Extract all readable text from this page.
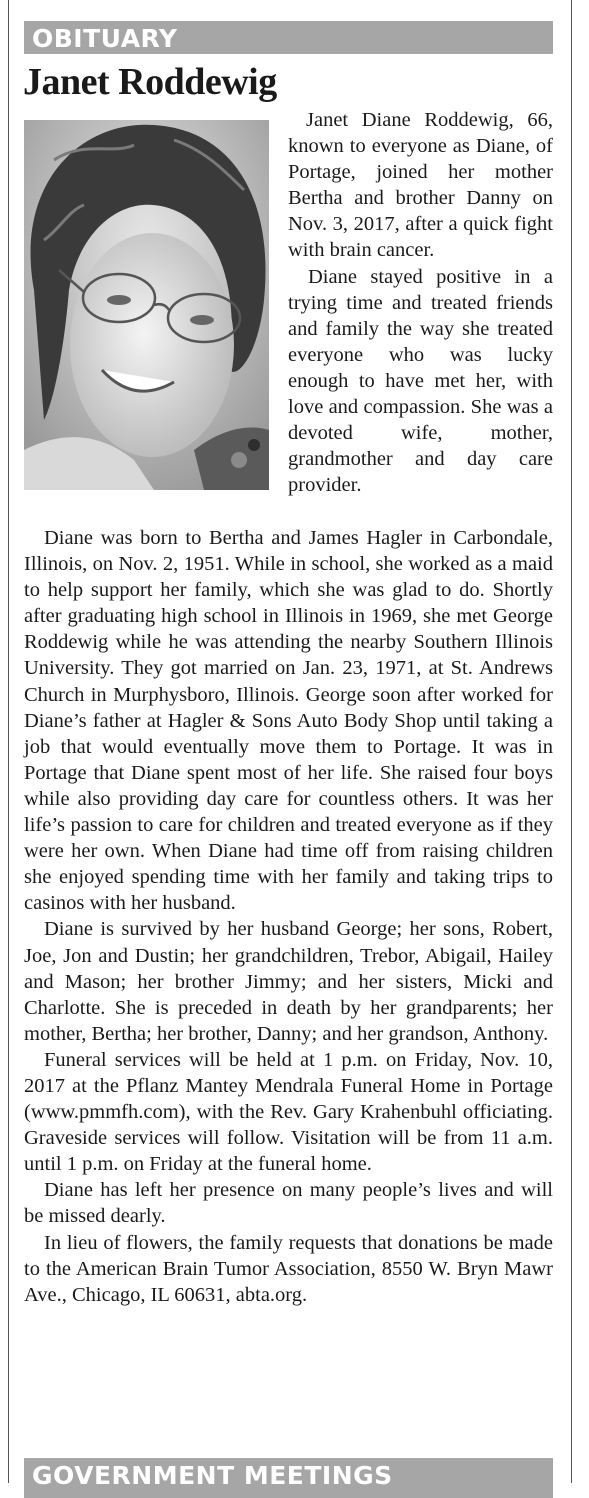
OBITUARY
Janet Roddewig

Janet Diane Roddewig, 66, known to everyone as Diane, of Portage, joined her mother Bertha and brother Danny on Nov. 3, 2017, after a quick fight with brain cancer.

Diane stayed positive in a trying time and treated friends and family the way she treated everyone who was lucky enough to have met her, with love and compassion. She was a devoted wife, mother, grandmother and day care provider.

Diane was born to Bertha and James Hagler in Carbondale, Illinois, on Nov. 2, 1951. While in school, she worked as a maid to help support her family, which she was glad to do. Shortly after graduating high school in Illinois in 1969, she met George Roddewig while he was attending the nearby Southern Illinois University. They got married on Jan. 23, 1971, at St. Andrews Church in Murphysboro, Illinois. George soon after worked for Diane’s father at Hagler & Sons Auto Body Shop until taking a job that would eventually move them to Portage. It was in Portage that Diane spent most of her life. She raised four boys while also providing day care for countless others. It was her life’s passion to care for children and treated everyone as if they were her own. When Diane had time off from raising children she enjoyed spending time with her family and taking trips to casinos with her husband.

Diane is survived by her husband George; her sons, Robert, Joe, Jon and Dustin; her grandchildren, Trebor, Abigail, Hailey and Mason; her brother Jimmy; and her sisters, Micki and Charlotte. She is preceded in death by her grandparents; her mother, Bertha; her brother, Danny; and her grandson, Anthony.

Funeral services will be held at 1 p.m. on Friday, Nov. 10, 2017 at the Pflanz Mantey Mendrala Funeral Home in Portage (www.pmmfh.com), with the Rev. Gary Krahenbuhl officiating. Graveside services will follow. Visitation will be from 11 a.m. until 1 p.m. on Friday at the funeral home.

Diane has left her presence on many people’s lives and will be missed dearly.

In lieu of flowers, the family requests that donations be made to the American Brain Tumor Association, 8550 W. Bryn Mawr Ave., Chicago, IL 60631, abta.org.

GOVERNMENT MEETINGS
